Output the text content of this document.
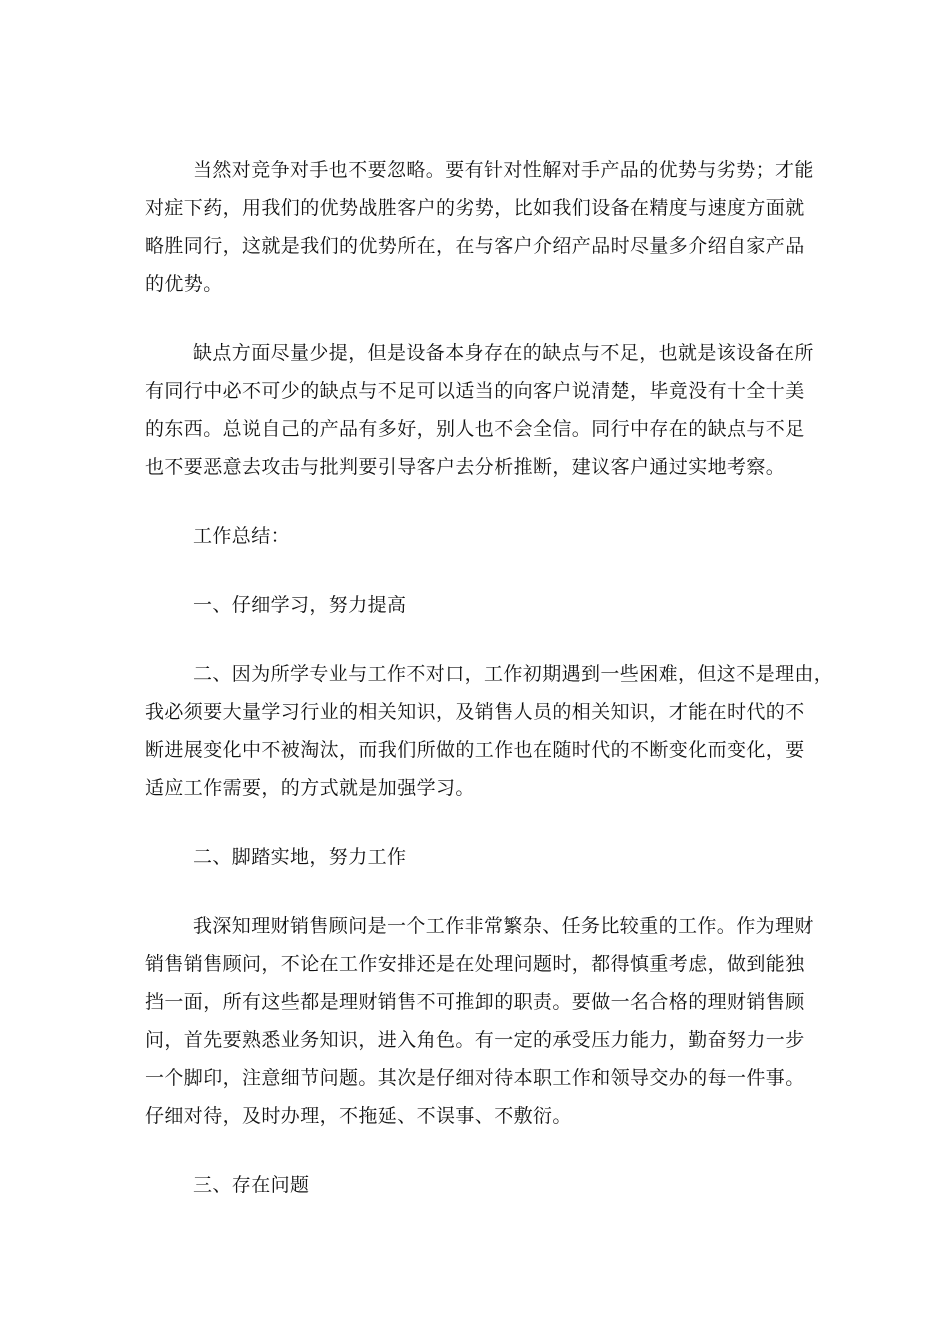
当然对竞争对手也不要忽略。要有针对性解对手产品的优势与劣势；才能
对症下药，用我们的优势战胜客户的劣势，比如我们设备在精度与速度方面就
略胜同行，这就是我们的优势所在，在与客户介绍产品时尽量多介绍自家产品
的优势。
缺点方面尽量少提，但是设备本身存在的缺点与不足，也就是该设备在所
有同行中必不可少的缺点与不足可以适当的向客户说清楚，毕竟没有十全十美
的东西。总说自己的产品有多好，别人也不会全信。同行中存在的缺点与不足
也不要恶意去攻击与批判要引导客户去分析推断，建议客户通过实地考察。
工作总结：
一、仔细学习，努力提高
二、因为所学专业与工作不对口，工作初期遇到一些困难，但这不是理由，
我必须要大量学习行业的相关知识，及销售人员的相关知识，才能在时代的不
断进展变化中不被淘汰，而我们所做的工作也在随时代的不断变化而变化，要
适应工作需要，的方式就是加强学习。
二、脚踏实地，努力工作
我深知理财销售顾问是一个工作非常繁杂、任务比较重的工作。作为理财
销售销售顾问，不论在工作安排还是在处理问题时，都得慎重考虑，做到能独
挡一面，所有这些都是理财销售不可推卸的职责。要做一名合格的理财销售顾
问，首先要熟悉业务知识，进入角色。有一定的承受压力能力，勤奋努力一步
一个脚印，注意细节问题。其次是仔细对待本职工作和领导交办的每一件事。
仔细对待，及时办理，不拖延、不误事、不敷衍。
三、存在问题
